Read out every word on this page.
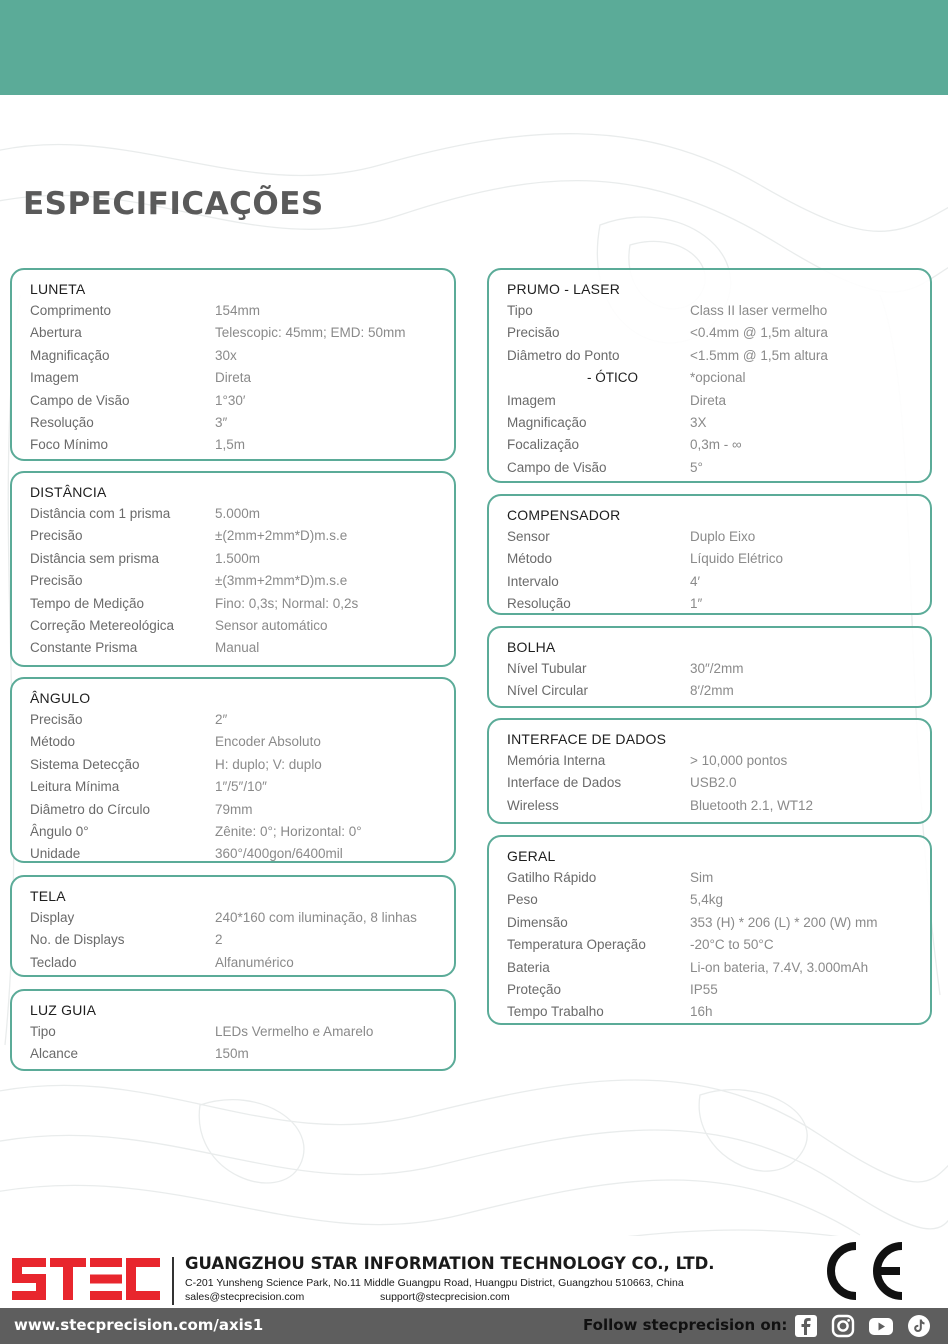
ESPECIFICAÇÕES
LUNETA
Comprimento	154mm
Abertura	Telescopic: 45mm; EMD: 50mm
Magnificação	30x
Imagem	Direta
Campo de Visão	1°30′
Resolução	3″
Foco Mínimo	1,5m
DISTÂNCIA
Distância com 1 prisma	5.000m
Precisão	±(2mm+2mm*D)m.s.e
Distância sem prisma	1.500m
Precisão	±(3mm+2mm*D)m.s.e
Tempo de Medição	Fino: 0,3s; Normal: 0,2s
Correção Metereológica	Sensor automático
Constante Prisma	Manual
ÂNGULO
Precisão	2″
Método	Encoder Absoluto
Sistema Detecção	H: duplo; V: duplo
Leitura Mínima	1″/5″/10″
Diâmetro do Círculo	79mm
Ângulo 0°	Zênite: 0°; Horizontal: 0°
Unidade	360°/400gon/6400mil
TELA
Display	240*160 com iluminação, 8 linhas
No. de Displays	2
Teclado	Alfanumérico
LUZ GUIA
Tipo	LEDs Vermelho e Amarelo
Alcance	150m
PRUMO - LASER
Tipo	Class II laser vermelho
Precisão	<0.4mm @ 1,5m altura
Diâmetro do Ponto	<1.5mm @ 1,5m altura
- ÓTICO	*opcional
Imagem	Direta
Magnificação	3X
Focalização	0,3m - ∞
Campo de Visão	5°
COMPENSADOR
Sensor	Duplo Eixo
Método	Líquido Elétrico
Intervalo	4′
Resolução	1″
BOLHA
Nível Tubular	30″/2mm
Nível Circular	8′/2mm
INTERFACE DE DADOS
Memória Interna	> 10,000 pontos
Interface de Dados	USB2.0
Wireless	Bluetooth 2.1, WT12
GERAL
Gatilho Rápido	Sim
Peso	5,4kg
Dimensão	353 (H) * 206 (L) * 200 (W) mm
Temperatura Operação	-20°C to 50°C
Bateria	Li-on bateria, 7.4V, 3.000mAh
Proteção	IP55
Tempo Trabalho	16h
GUANGZHOU STAR INFORMATION TECHNOLOGY CO., LTD.
C-201 Yunsheng Science Park, No.11 Middle Guangpu Road, Huangpu District, Guangzhou 510663, China
sales@stecprecision.com	support@stecprecision.com
www.stecprecision.com/axis1	Follow stecprecision on:
